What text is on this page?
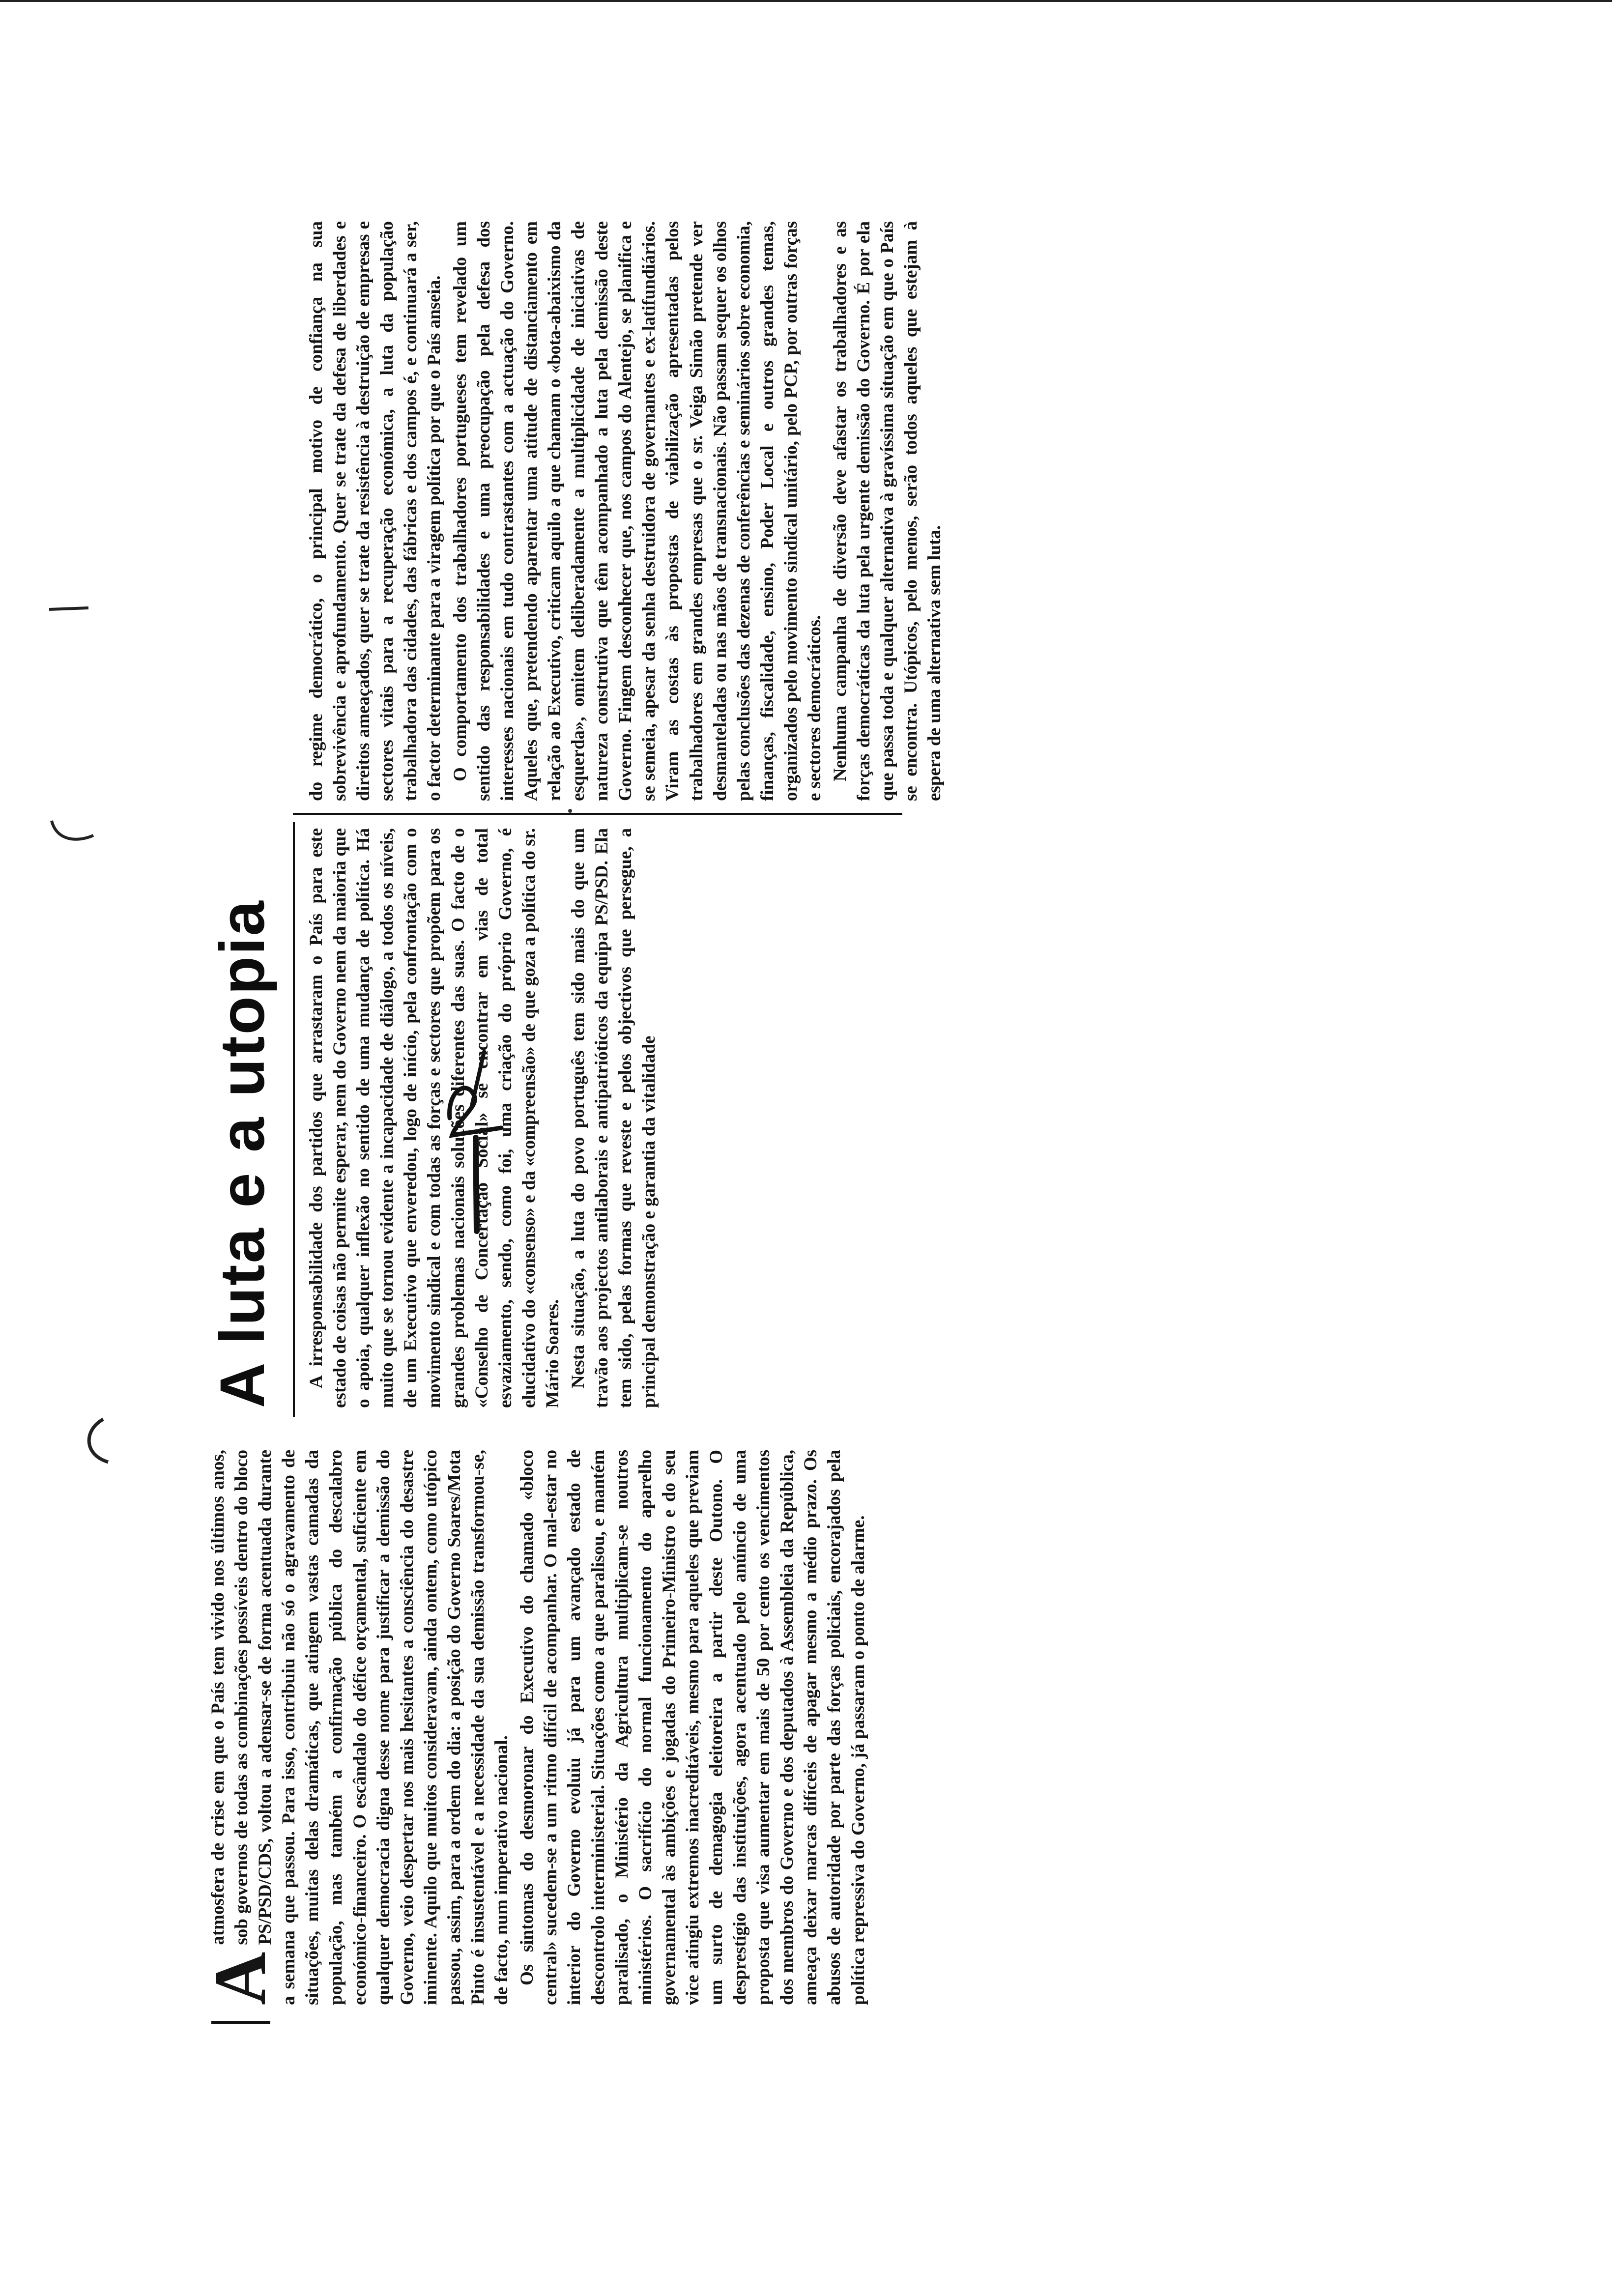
A

atmosfera de crise em que o País tem vivido nos últimos anos, sob governos de todas as combinações possíveis dentro do bloco PS/PSD/CDS, voltou a adensar-se de forma acentuada durante a semana que passou. Para isso, contribuiu não só o agravamento de situações, muitas delas dramáticas, que atingem vastas camadas da população, mas também a confirmação pública do descalabro económico-financeiro. O escândalo do défice orçamental, suficiente em qualquer democracia digna desse nome para justificar a demissão do Governo, veio despertar nos mais hesitantes a consciência do desastre iminente. Aquilo que muitos consideravam, ainda ontem, como utópico passou, assim, para a ordem do dia: a posição do Governo Soares/Mota Pinto é insustentável e a necessidade da sua demissão transformou-se, de facto, num imperativo nacional. Os sintomas do desmoronar do Executivo do chamado «bloco central» sucedem-se a um ritmo difícil de acompanhar. O mal-estar no interior do Governo evoluiu já para um avançado estado de descontrolo interministerial. Situações como a que paralisou, e mantém paralisado, o Ministério da Agricultura multiplicam-se noutros ministérios. O sacrifício do normal funcionamento do aparelho governamental às ambições e jogadas do Primeiro-Ministro e do seu vice atingiu extremos inacreditáveis, mesmo para aqueles que previam um surto de demagogia eleitoreira a partir deste Outono. O desprestígio das instituições, agora acentuado pelo anúncio de uma proposta que visa aumentar em mais de 50 por cento os vencimentos dos membros do Governo e dos deputados à Assembleia da República, ameaça deixar marcas difíceis de apagar mesmo a médio prazo. Os abusos de autoridade por parte das forças policiais, encorajados pela política repressiva do Governo, já passaram o ponto de alarme.

A luta e a utopia A irresponsabilidade dos partidos que arrastaram o País para este estado de coisas não permite esperar, nem do Governo nem da maioria que o apoia, qualquer inflexão no sentido de uma mudança de política. Há muito que se tornou evidente a incapacidade de diálogo, a todos os níveis, de um Executivo que enveredou, logo de início, pela confrontação com o movimento sindical e com todas as forças e sectores que propõem para os grandes problemas nacionais soluções diferentes das suas. O facto de o «Conselho de Concertação Social» se encontrar em vias de total esvaziamento, sendo, como foi, uma criação do próprio Governo, é elucidativo do «consenso» e da «compreensão» de que goza a política do sr. Mário Soares. Nesta situação, a luta do povo português tem sido mais do que um travão aos projectos antilaborais e antipatrióticos da equipa PS/PSD. Ela tem sido, pelas formas que reveste e pelos objectivos que persegue, a principal demonstração e garantia da vitalidade

do regime democrático, o principal motivo de confiança na sua sobrevivência e aprofundamento. Quer se trate da defesa de liberdades e direitos ameaçados, quer se trate da resistência à destruição de empresas e sectores vitais para a recuperação económica, a luta da população trabalhadora das cidades, das fábricas e dos campos é, e continuará a ser, o factor determinante para a viragem política por que o País anseia. O comportamento dos trabalhadores portugueses tem revelado um sentido das responsabilidades e uma preocupação pela defesa dos interesses nacionais em tudo contrastantes com a actuação do Governo. Aqueles que, pretendendo aparentar uma atitude de distanciamento em relação ao Executivo, criticam aquilo a que chamam o «bota-abaixismo da esquerda», omitem deliberadamente a multiplicidade de iniciativas de natureza construtiva que têm acompanhado a luta pela demissão deste Governo. Fingem desconhecer que, nos campos do Alentejo, se planifica e se semeia, apesar da senha destruidora de governantes e ex-latifundiários. Viram as costas às propostas de viabilização apresentadas pelos trabalhadores em grandes empresas que o sr. Veiga Simão pretende ver desmanteladas ou nas mãos de transnacionais. Não passam sequer os olhos pelas conclusões das dezenas de conferências e seminários sobre economia, finanças, fiscalidade, ensino, Poder Local e outros grandes temas, organizados pelo movimento sindical unitário, pelo PCP, por outras forças e sectores democráticos. Nenhuma campanha de diversão deve afastar os trabalhadores e as forças democráticas da luta pela urgente demissão do Governo. É por ela que passa toda e qualquer alternativa à gravíssima situação em que o País se encontra. Utópicos, pelo menos, serão todos aqueles que estejam à espera de uma alternativa sem luta.
